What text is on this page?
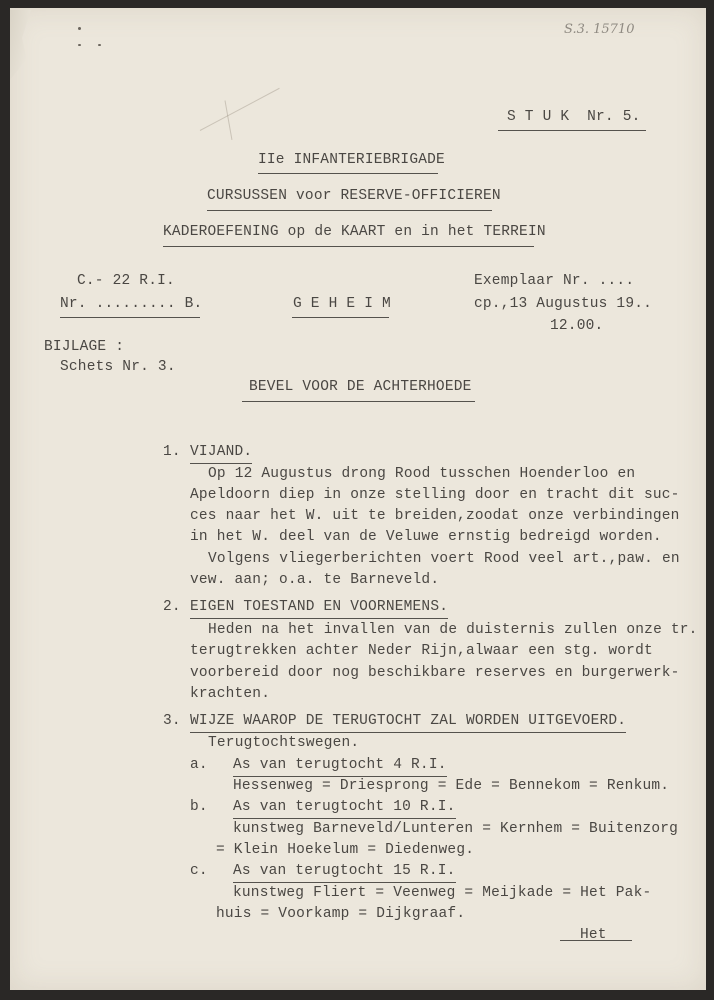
S.3. 15710
S T U K  Nr. 5.
IIe INFANTERIEBRIGADE
CURSUSSEN voor RESERVE-OFFICIEREN
KADEROEFENING op de KAART en in het TERREIN
C.- 22 R.I.
Nr. ......... B.	G E H E I M
Exemplaar Nr. ....
cp.,13 Augustus 19..
12.00.
BIJLAGE :
Schets Nr. 3.
BEVEL VOOR DE ACHTERHOEDE
1. VIJAND.
Op 12 Augustus drong Rood tusschen Hoenderloo en
Apeldoorn diep in onze stelling door en tracht dit suc-
ces naar het W. uit te breiden,zoodat onze verbindingen
in het W. deel van de Veluwe ernstig bedreigd worden.
Volgens vliegerberichten voert Rood veel art.,paw. en
vew. aan; o.a. te Barneveld.
2. EIGEN TOESTAND EN VOORNEMENS.
Heden na het invallen van de duisternis zullen onze tr.
terugtrekken achter Neder Rijn,alwaar een stg. wordt
voorbereid door nog beschikbare reserves en burgerwerk-
krachten.
3. WIJZE WAAROP DE TERUGTOCHT ZAL WORDEN UITGEVOERD.
Terugtochtswegen.
a. As van terugtocht 4 R.I.
Hessenweg = Driesprong = Ede = Bennekom = Renkum.
b. As van terugtocht 10 R.I.
kunstweg Barneveld/Lunteren = Kernhem = Buitenzorg
= Klein Hoekelum = Diedenweg.
c. As van terugtocht 15 R.I.
kunstweg Fliert = Veenweg = Meijkade = Het Pak-
huis = Voorkamp = Dijkgraaf.
Het
